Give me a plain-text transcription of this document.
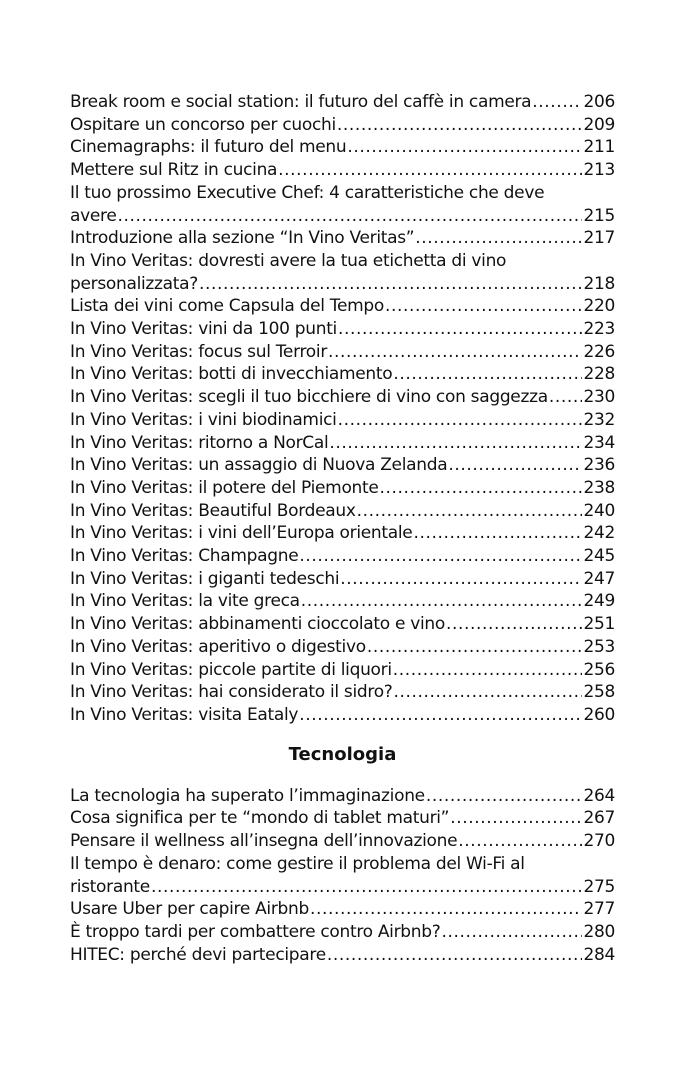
Break room e social station: il futuro del caffè in camera .....	206
Ospitare un concorso per cuochi .....	209
Cinemagraphs: il futuro del menu .....	211
Mettere sul Ritz in cucina .....	213
Il tuo prossimo Executive Chef: 4 caratteristiche che deve
avere .....	215
Introduzione alla sezione “In Vino Veritas” .....	217
In Vino Veritas: dovresti avere la tua etichetta di vino
personalizzata? .....	218
Lista dei vini come Capsula del Tempo .....	220
In Vino Veritas: vini da 100 punti .....	223
In Vino Veritas: focus sul Terroir .....	226
In Vino Veritas: botti di invecchiamento .....	228
In Vino Veritas: scegli il tuo bicchiere di vino con saggezza ..... 230
In Vino Veritas: i vini biodinamici .....	232
In Vino Veritas: ritorno a NorCal .....	234
In Vino Veritas: un assaggio di Nuova Zelanda .....	236
In Vino Veritas: il potere del Piemonte .....	238
In Vino Veritas: Beautiful Bordeaux .....	240
In Vino Veritas: i vini dell’Europa orientale .....	242
In Vino Veritas: Champagne .....	245
In Vino Veritas: i giganti tedeschi .....	247
In Vino Veritas: la vite greca .....	249
In Vino Veritas: abbinamenti cioccolato e vino .....	251
In Vino Veritas: aperitivo o digestivo .....	253
In Vino Veritas: piccole partite di liquori .....	256
In Vino Veritas: hai considerato il sidro? .....	258
In Vino Veritas: visita Eataly .....	260
Tecnologia
La tecnologia ha superato l’immaginazione .....	264
Cosa significa per te “mondo di tablet maturi” .....	267
Pensare il wellness all’insegna dell’innovazione .....	270
Il tempo è denaro: come gestire il problema del Wi-Fi al
ristorante .....	275
Usare Uber per capire Airbnb .....	277
È troppo tardi per combattere contro Airbnb? .....	280
HITEC: perché devi partecipare .....	284
